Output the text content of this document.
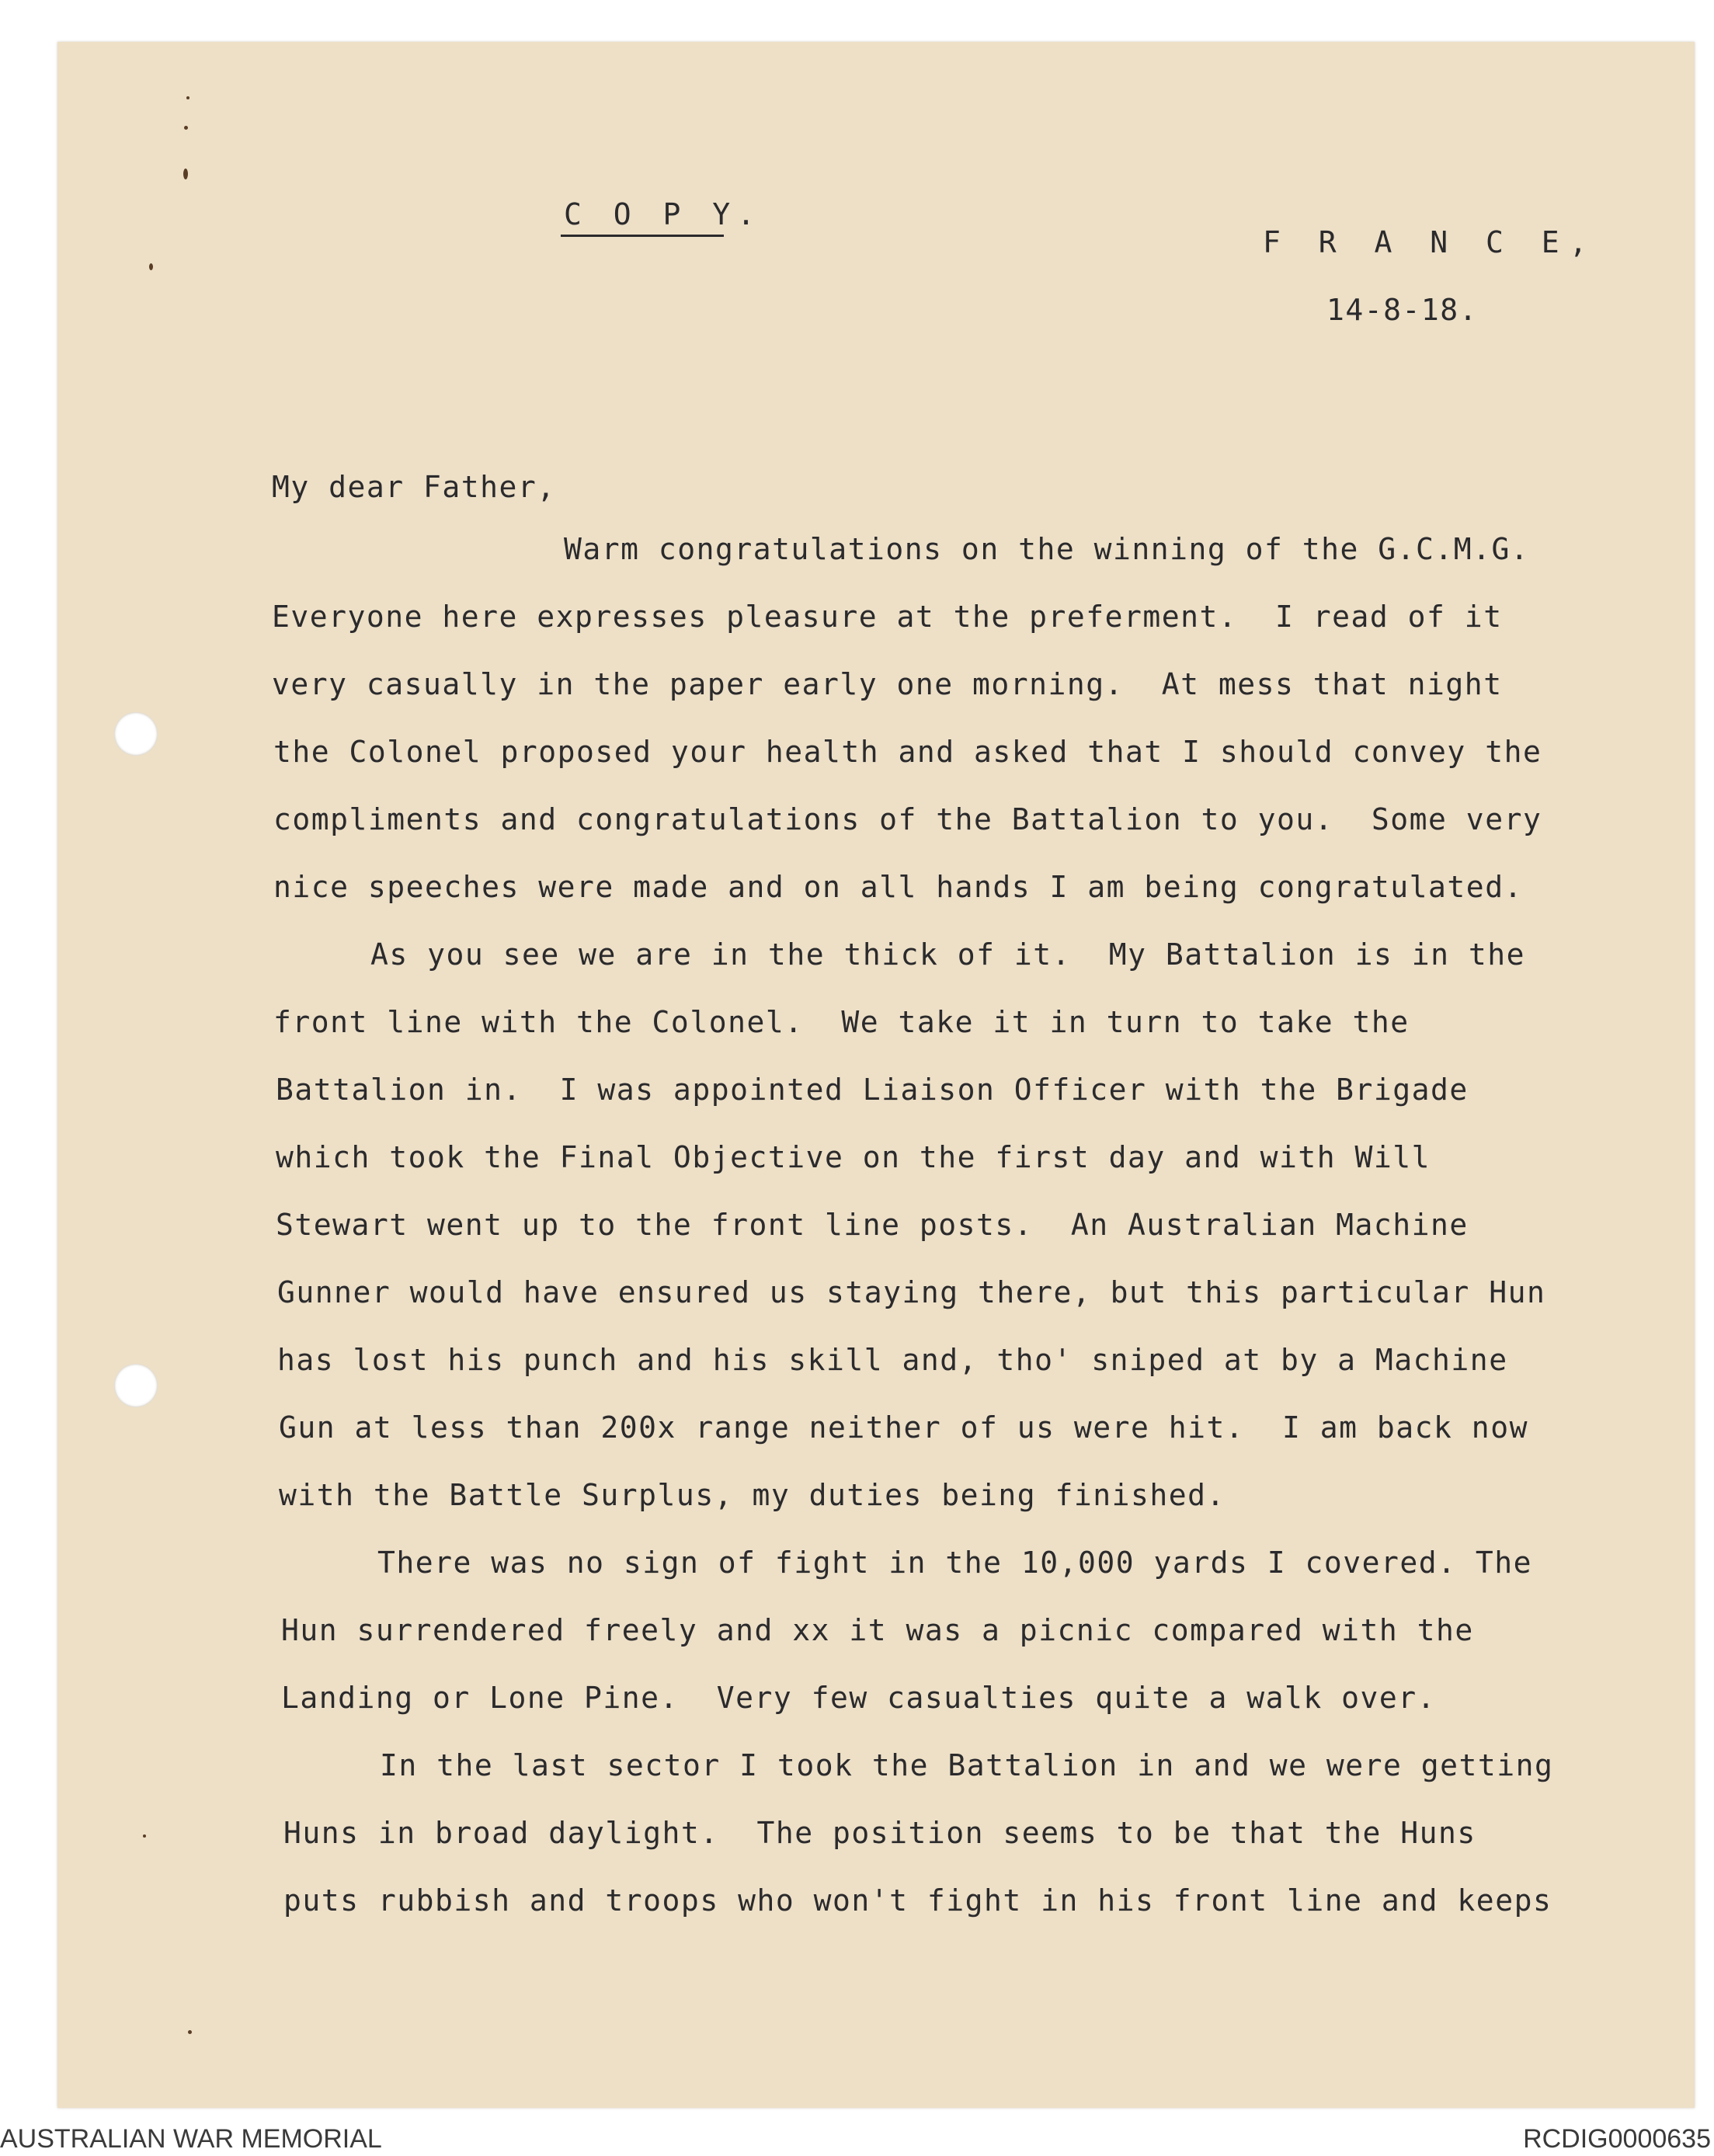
C O P Y.
F R A N C E,
14-8-18.
My dear Father,
Warm congratulations on the winning of the G.C.M.G.
Everyone here expresses pleasure at the preferment.  I read of it
very casually in the paper early one morning.  At mess that night
the Colonel proposed your health and asked that I should convey the
compliments and congratulations of the Battalion to you.  Some very
nice speeches were made and on all hands I am being congratulated.
As you see we are in the thick of it.  My Battalion is in the
front line with the Colonel.  We take it in turn to take the
Battalion in.  I was appointed Liaison Officer with the Brigade
which took the Final Objective on the first day and with Will
Stewart went up to the front line posts.  An Australian Machine
Gunner would have ensured us staying there, but this particular Hun
has lost his punch and his skill and, tho' sniped at by a Machine
Gun at less than 200x range neither of us were hit.  I am back now
with the Battle Surplus, my duties being finished.
There was no sign of fight in the 10,000 yards I covered. The
Hun surrendered freely and xx it was a picnic compared with the
Landing or Lone Pine.  Very few casualties quite a walk over.
In the last sector I took the Battalion in and we were getting
Huns in broad daylight.  The position seems to be that the Huns
puts rubbish and troops who won't fight in his front line and keeps
AUSTRALIAN WAR MEMORIAL	RCDIG0000635
